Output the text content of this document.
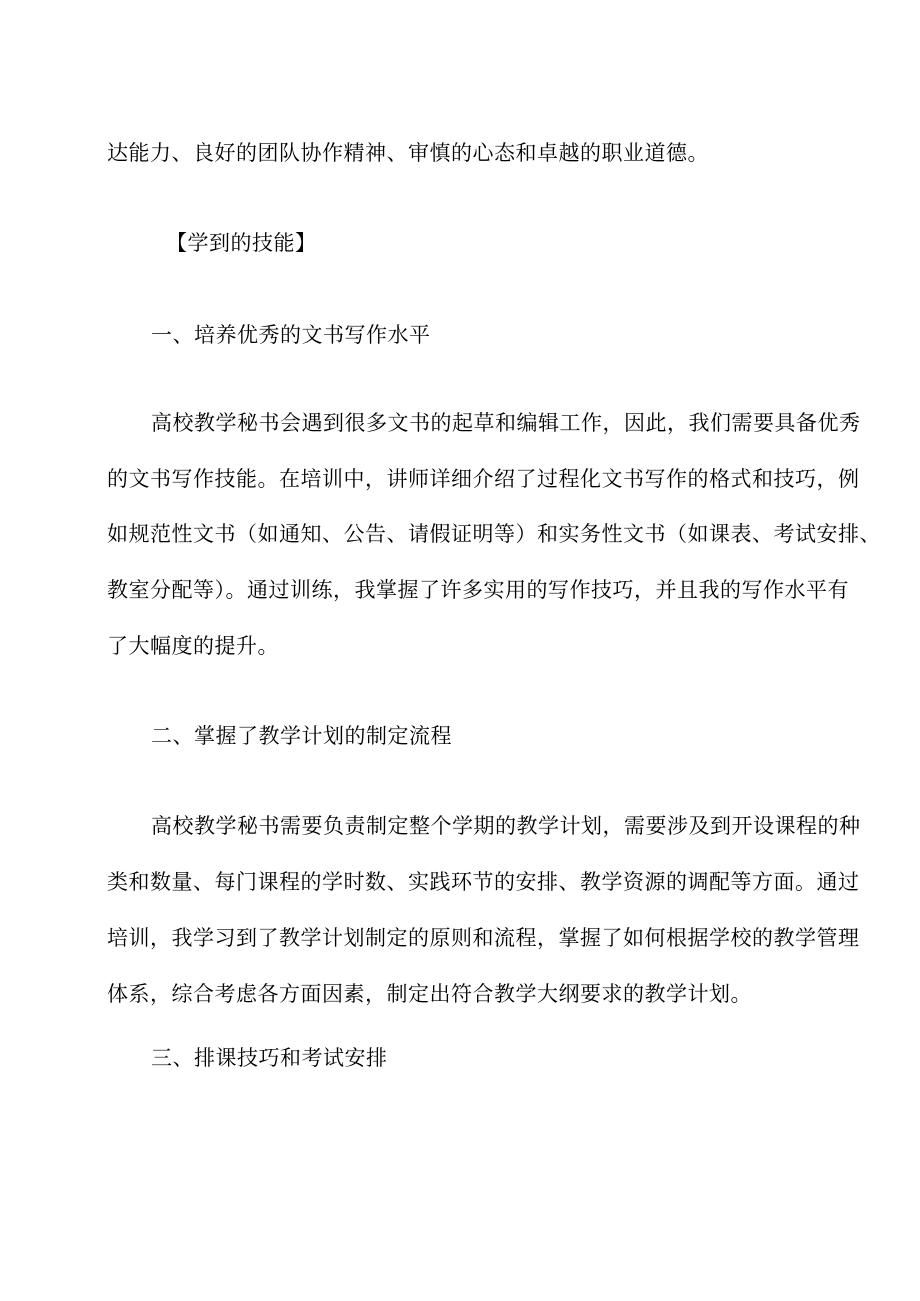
达能力、良好的团队协作精神、审慎的心态和卓越的职业道德。
【学到的技能】
一、培养优秀的文书写作水平
高校教学秘书会遇到很多文书的起草和编辑工作，因此，我们需要具备优秀
的文书写作技能。在培训中，讲师详细介绍了过程化文书写作的格式和技巧，例
如规范性文书（如通知、公告、请假证明等）和实务性文书（如课表、考试安排、
教室分配等）。通过训练，我掌握了许多实用的写作技巧，并且我的写作水平有
了大幅度的提升。
二、掌握了教学计划的制定流程
高校教学秘书需要负责制定整个学期的教学计划，需要涉及到开设课程的种
类和数量、每门课程的学时数、实践环节的安排、教学资源的调配等方面。通过
培训，我学习到了教学计划制定的原则和流程，掌握了如何根据学校的教学管理
体系，综合考虑各方面因素，制定出符合教学大纲要求的教学计划。
三、排课技巧和考试安排
